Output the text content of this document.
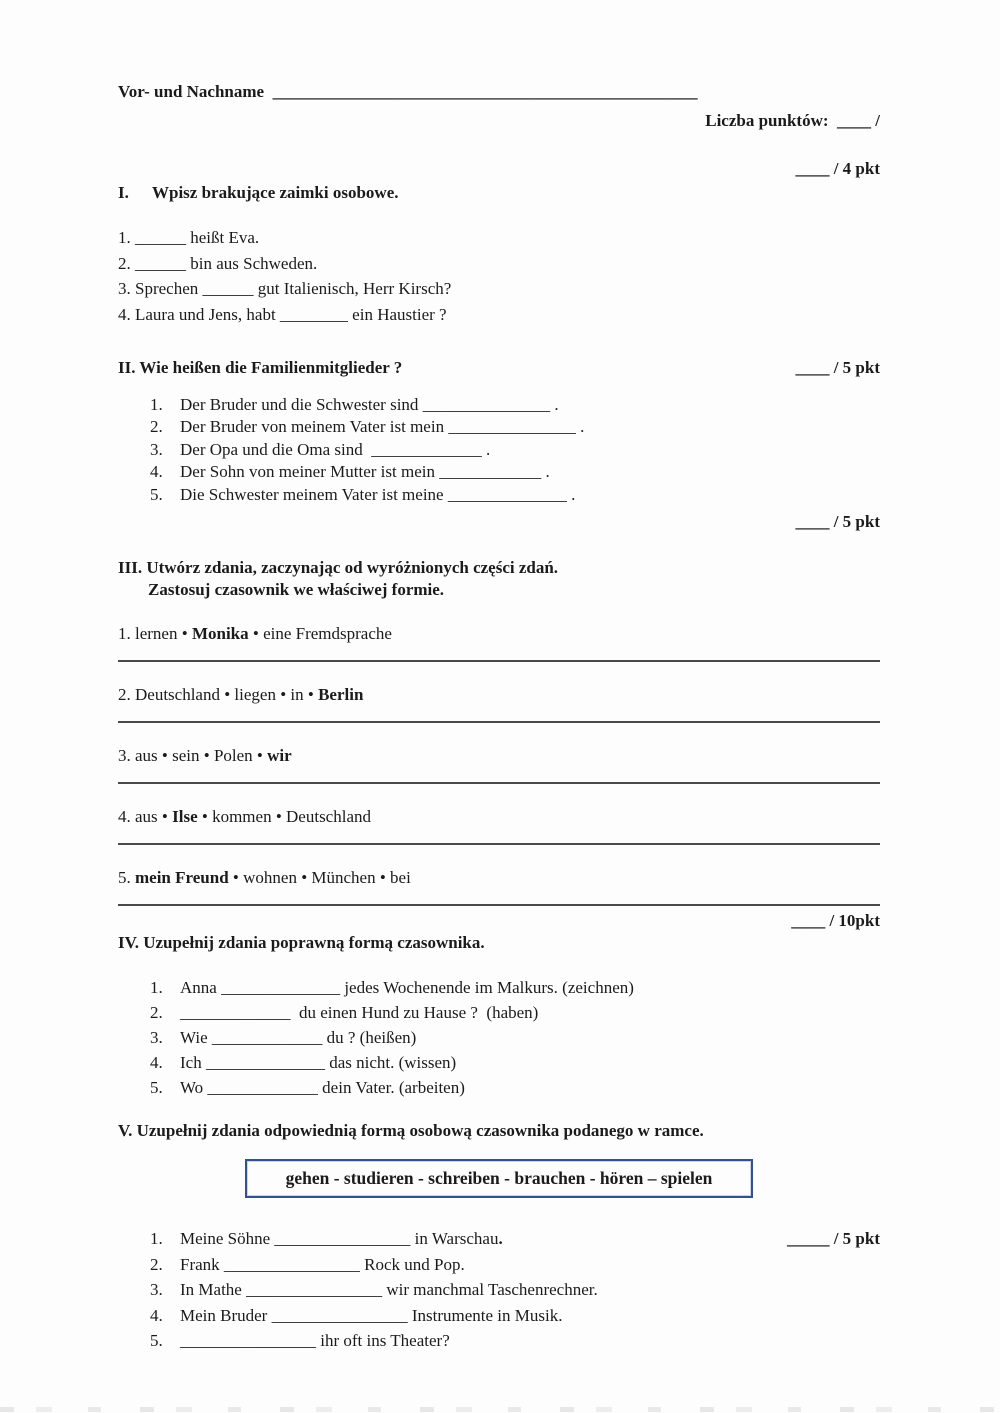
Vor- und Nachname __________________________________________________
Liczba punktów: ____ /
____ / 4 pkt
I. Wpisz brakujące zaimki osobowe.
1. ______ heißt Eva.
2. ______ bin aus Schweden.
3. Sprechen ______ gut Italienisch, Herr Kirsch?
4. Laura und Jens, habt ________ ein Haustier ?
II. Wie heißen die Familienmitglieder ?	____ / 5 pkt
1.	Der Bruder und die Schwester sind _______________ .
2.	Der Bruder von meinem Vater ist mein _______________ .
3.	Der Opa und die Oma sind  _____________ .
4.	Der Sohn von meiner Mutter ist mein ____________ .
5.	Die Schwester meinem Vater ist meine ______________ .
____ / 5 pkt
III. Utwórz zdania, zaczynając od wyróżnionych części zdań.
Zastosuj czasownik we właściwej formie.
1. lernen • Monika • eine Fremdsprache
2. Deutschland • liegen • in • Berlin
3. aus • sein • Polen • wir
4. aus • Ilse • kommen • Deutschland
5. mein Freund • wohnen • München • bei
____ / 10pkt
IV. Uzupełnij zdania poprawną formą czasownika.
1.	Anna ______________ jedes Wochenende im Malkurs. (zeichnen)
2.	_____________  du einen Hund zu Hause ?  (haben)
3.	Wie _____________ du ? (heißen)
4.	Ich ______________ das nicht. (wissen)
5.	Wo _____________ dein Vater. (arbeiten)
V. Uzupełnij zdania odpowiednią formą osobową czasownika podanego w ramce.
gehen - studieren - schreiben - brauchen - hören – spielen
_____ / 5 pkt
1.	Meine Söhne ________________ in Warschau.
2.	Frank ________________ Rock und Pop.
3.	In Mathe ________________ wir manchmal Taschenrechner.
4.	Mein Bruder ________________ Instrumente in Musik.
5.	________________ ihr oft ins Theater?
